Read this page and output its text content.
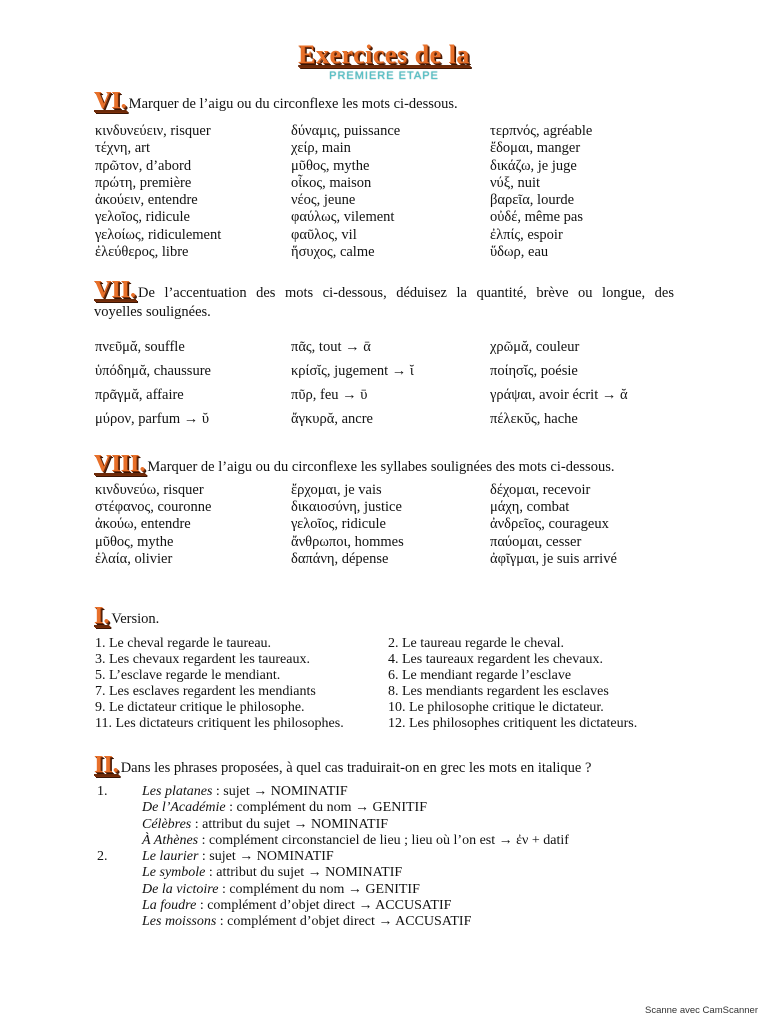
Exercices de la
PREMIERE ETAPE
VI. Marquer de l’aigu ou du circonflexe les mots ci-dessous.
κινδυνεύειν, risquer	δύναμις, puissance	τερπνός, agréable
τέχνη, art	χείρ, main	ἔδομαι, manger
πρῶτον, d’abord	μῦθος, mythe	δικάζω, je juge
πρώτη, première	οἶκος, maison	νύξ, nuit
ἀκούειν, entendre	νέος, jeune	βαρεῖα, lourde
γελοῖος, ridicule	φαύλως, vilement	οὐδέ, même pas
γελοίως, ridiculement	φαῦλος, vil	ἐλπίς, espoir
ἐλεύθερος, libre	ἥσυχος, calme	ὕδωρ, eau
VII. De l’accentuation des mots ci-dessous, déduisez la quantité, brève ou longue, des
voyelles soulignées.
πνεῦμᾰ, souffle	πᾶς, tout → ᾱ	χρῶμᾰ, couleur
ὑπόδημᾰ, chaussure	κρίσῐς, jugement → ῐ	ποίησῐς, poésie
πρᾶγμᾰ, affaire	πῦρ, feu → ῡ	γράψαι, avoir écrit → ᾰ
μύρον, parfum → ῠ	ἄγκυρᾰ, ancre	πέλεκῠς, hache
VIII. Marquer de l’aigu ou du circonflexe les syllabes soulignées des mots ci-dessous.
κινδυνεύω, risquer	ἔρχομαι, je vais	δέχομαι, recevoir
στέφανος, couronne	δικαιοσύνη, justice	μάχη, combat
ἀκούω, entendre	γελοῖος, ridicule	ἀνδρεῖος, courageux
μῦθος, mythe	ἄνθρωποι, hommes	παύομαι, cesser
ἐλαία, olivier	δαπάνη, dépense	ἀφῖγμαι, je suis arrivé
I. Version.
1. Le cheval regarde le taureau.	2. Le taureau regarde le cheval.
3. Les chevaux regardent les taureaux.	4. Les taureaux regardent les chevaux.
5. L’esclave regarde le mendiant.	6. Le mendiant regarde l’esclave
7. Les esclaves regardent les mendiants	8. Les mendiants regardent les esclaves
9. Le dictateur critique le philosophe.	10. Le philosophe critique le dictateur.
11. Les dictateurs critiquent les philosophes.	12. Les philosophes critiquent les dictateurs.
II. Dans les phrases proposées, à quel cas traduirait-on en grec les mots en italique ?
1. Les platanes : sujet → NOMINATIF
De l’Académie : complément du nom → GENITIF
Célèbres : attribut du sujet → NOMINATIF
À Athènes : complément circonstanciel de lieu ; lieu où l’on est → ἐν + datif
2. Le laurier : sujet → NOMINATIF
Le symbole : attribut du sujet → NOMINATIF
De la victoire : complément du nom → GENITIF
La foudre : complément d’objet direct → ACCUSATIF
Les moissons : complément d’objet direct → ACCUSATIF
Scanne avec CamScanner
